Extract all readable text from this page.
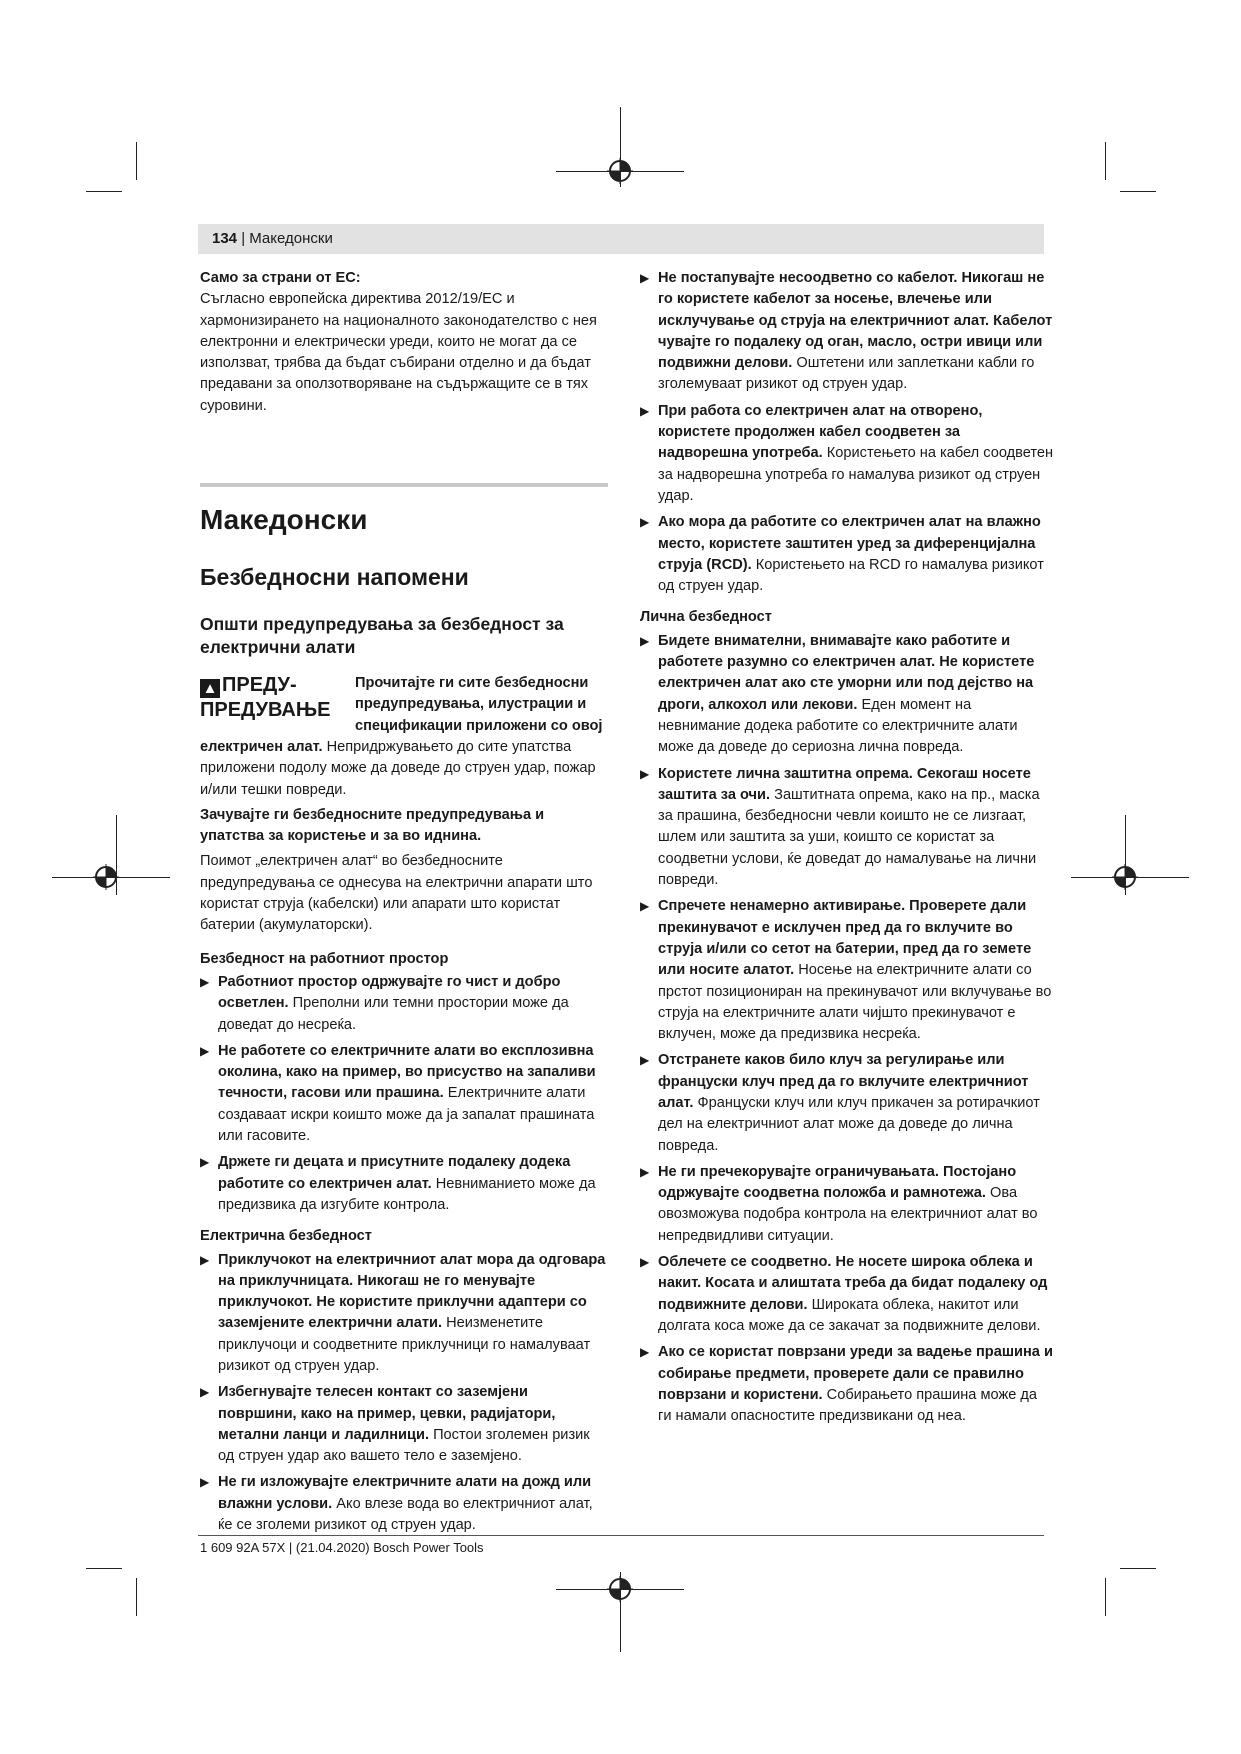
134 | Македонски

Само за страни от ЕС:

Съгласно европейска директива 2012/19/ЕС и хармонизирането на националното законодателство с нея електронни и електрически уреди, които не могат да се използват, трябва да бъдат събирани отделно и да бъдат предавани за оползотворяване на съдържащите се в тях суровини.

Македонски
Безбедносни напомени
Општи предупредувања за безбедност за електрични алати
▲ ПРЕДУ-ПРЕДУВАЊЕ

Прочитајте ги сите безбедносни предупредувања, илустрации и спецификации приложени со овој електричен алат. Непридржувањето до сите упатства приложени подолу може да доведе до струен удар, пожар и/или тешки повреди.

Зачувајте ги безбедносните предупредувања и упатства за користење и за во иднина.

Поимот „електричен алат“ во безбедносните предупредувања се однесува на електрични апарати што користат струја (кабелски) или апарати што користат батерии (акумулаторски).

Безбедност на работниот простор

▶ Работниот простор одржувајте го чист и добро осветлен. Преполни или темни простории може да доведат до несреќа.
▶ Не работете со електричните алати во експлозивна околина, како на пример, во присуство на запаливи течности, гасови или прашина. Електричните алати создаваат искри коишто може да ја запалат прашината или гасовите.
▶ Држете ги децата и присутните подалеку додека работите со електричен алат. Невниманието може да предизвика да изгубите контрола.

Електрична безбедност

▶ Приклучокот на електричниот алат мора да одговара на приклучницата. Никогаш не го менувајте приклучокот. Не користите приклучни адаптери со заземјените електрични алати. Неизменетите приклучоци и соодветните приклучници го намалуваат ризикот од струен удар.
▶ Избегнувајте телесен контакт со заземјени површини, како на пример, цевки, радијатори, метални ланци и ладилници. Постои зголемен ризик од струен удар ако вашето тело е заземјено.
▶ Не ги изложувајте електричните алати на дожд или влажни услови. Ако влезе вода во електричниот алат, ќе се зголеми ризикот од струен удар.
▶ Не постапувајте несоодветно со кабелот. Никогаш не го користете кабелот за носење, влечење или исклучување од струја на електричниот алат. Кабелот чувајте го подалеку од оган, масло, остри ивици или подвижни делови. Оштетени или заплеткани кабли го зголемуваат ризикот од струен удар.
▶ При работа со електричен алат на отворено, користете продолжен кабел соодветен за надворешна употреба. Користењето на кабел соодветен за надворешна употреба го намалува ризикот од струен удар.
▶ Ако мора да работите со електричен алат на влажно место, користете заштитен уред за диференцијална струја (RCD). Користењето на RCD го намалува ризикот од струен удар.

Лична безбедност

▶ Бидете внимателни, внимавајте како работите и работете разумно со електричен алат. Не користете електричен алат ако сте уморни или под дејство на дроги, алкохол или лекови. Еден момент на невнимание додека работите со електричните алати може да доведе до сериозна лична повреда.
▶ Користете лична заштитна опрема. Секогаш носете заштита за очи. Заштитната опрема, како на пр., маска за прашина, безбедносни чевли коишто не се лизгаат, шлем или заштита за уши, коишто се користат за соодветни услови, ќе доведат до намалување на лични повреди.
▶ Спречете ненамерно активирање. Проверете дали прекинувачот е исклучен пред да го вклучите во струја и/или со сетот на батерии, пред да го земете или носите алатот. Носење на електричните алати со прстот позициониран на прекинувачот или вклучување во струја на електричните алати чијшто прекинувачот е вклучен, може да предизвика несреќа.
▶ Отстранете каков било клуч за регулирање или француски клуч пред да го вклучите електричниот алат. Француски клуч или клуч прикачен за ротирачкиот дел на електричниот алат може да доведе до лична повреда.
▶ Не ги пречекорувајте ограничувањата. Постојано одржувајте соодветна положба и рамнотежа. Ова овозможува подобра контрола на електричниот алат во непредвидливи ситуации.
▶ Облечете се соодветно. Не носете широка облека и накит. Косата и алиштата треба да бидат подалеку од подвижните делови. Широката облека, накитот или долгата коса може да се закачат за подвижните делови.
▶ Ако се користат поврзани уреди за вадење прашина и собирање предмети, проверете дали се правилно поврзани и користени. Собирањето прашина може да ги намали опасностите предизвикани од неа.
1 609 92A 57X | (21.04.2020) Bosch Power Tools
